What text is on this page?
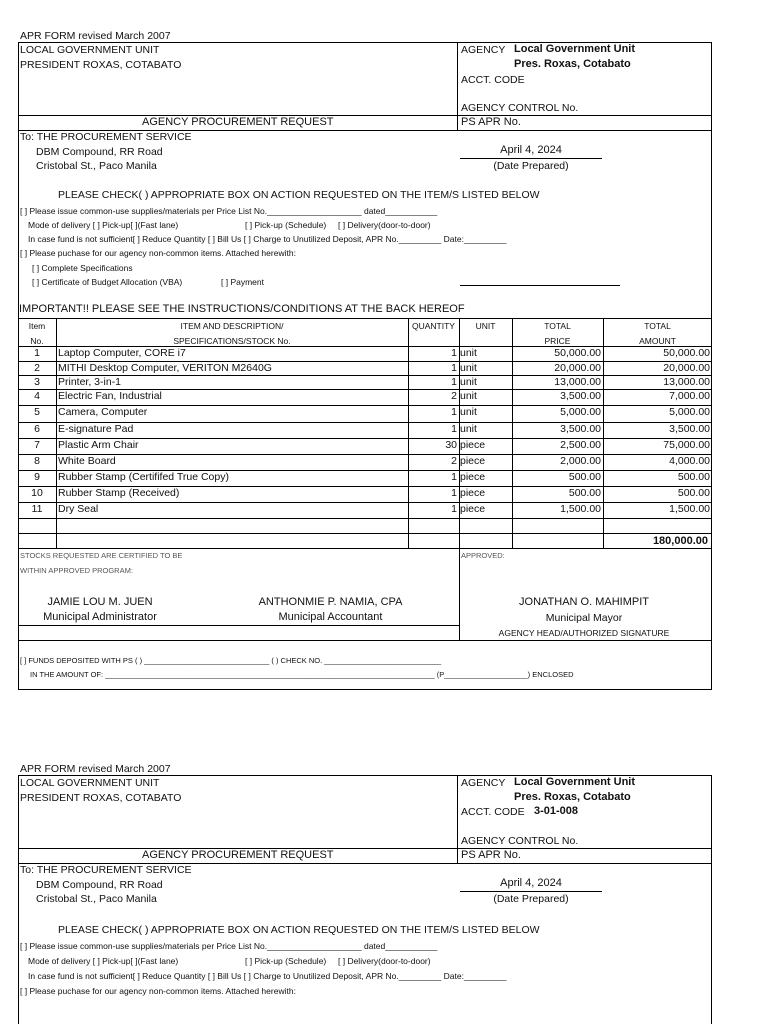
APR FORM revised March 2007
LOCAL GOVERNMENT UNIT
PRESIDENT ROXAS, COTABATO
AGENCY Local Government Unit
Pres. Roxas, Cotabato
ACCT. CODE
AGENCY CONTROL No.
AGENCY PROCUREMENT REQUEST	PS APR No.
To: THE PROCUREMENT SERVICE
DBM Compound, RR Road
Cristobal St., Paco Manila
April 4, 2024
(Date Prepared)
PLEASE CHECK( ) APPROPRIATE BOX ON ACTION REQUESTED ON THE ITEM/S LISTED BELOW
[ ] Please issue common-use supplies/materials per Price List No.____________________ dated___________
Mode of delivery [ ] Pick-up[ ](Fast lane)	[ ] Pick-up (Schedule) [ ] Delivery(door-to-door)
In case fund is not sufficient[ ] Reduce Quantity [ ] Bill Us [ ] Charge to Unutilized Deposit, APR No._________ Date:_________
[ ] Please puchase for our agency non-common items. Attached herewith:
[ ] Complete Specifications
[ ] Certificate of Budget Allocation (VBA)	[ ] Payment
IMPORTANT!! PLEASE SEE THE INSTRUCTIONS/CONDITIONS AT THE BACK HEREOF
Item
No.
ITEM AND DESCRIPTION/
SPECIFICATIONS/STOCK No.
QUANTITY	UNIT	TOTAL
PRICE
TOTAL
AMOUNT
1	Laptop Computer, CORE i7	1 unit	50,000.00	50,000.00
2	MITHI Desktop Computer, VERITON M2640G	1 unit	20,000.00	20,000.00
3	Printer, 3-in-1	1 unit	13,000.00	13,000.00
4	Electric Fan, Industrial	2 unit	3,500.00	7,000.00
5	Camera, Computer	1 unit	5,000.00	5,000.00
6	E-signature Pad	1 unit	3,500.00	3,500.00
7	Plastic Arm Chair	30 piece	2,500.00	75,000.00
8	White Board	2 piece	2,000.00	4,000.00
9	Rubber Stamp (Certififed True Copy)	1 piece	500.00	500.00
10	Rubber Stamp (Received)	1 piece	500.00	500.00
11	Dry Seal	1 piece	1,500.00	1,500.00
180,000.00
STOCKS REQUESTED ARE CERTIFIED TO BE
WITHIN APPROVED PROGRAM:
APPROVED:
JAMIE LOU M. JUEN
Municipal Administrator
ANTHONMIE P. NAMIA, CPA
Municipal Accountant
JONATHAN O. MAHIMPIT
Municipal Mayor
AGENCY HEAD/AUTHORIZED SIGNATURE
[ ] FUNDS DEPOSITED WITH PS ( ) ______________________________ ( ) CHECK NO. ____________________________
IN THE AMOUNT OF: _______________________________________________________________________________ (P____________________) ENCLOSED
APR FORM revised March 2007
LOCAL GOVERNMENT UNIT
PRESIDENT ROXAS, COTABATO
AGENCY Local Government Unit
Pres. Roxas, Cotabato
ACCT. CODE 3-01-008
AGENCY CONTROL No.
AGENCY PROCUREMENT REQUEST	PS APR No.
To: THE PROCUREMENT SERVICE
DBM Compound, RR Road
Cristobal St., Paco Manila
April 4, 2024
(Date Prepared)
PLEASE CHECK( ) APPROPRIATE BOX ON ACTION REQUESTED ON THE ITEM/S LISTED BELOW
[ ] Please issue common-use supplies/materials per Price List No.____________________ dated___________
Mode of delivery [ ] Pick-up[ ](Fast lane)	[ ] Pick-up (Schedule) [ ] Delivery(door-to-door)
In case fund is not sufficient[ ] Reduce Quantity [ ] Bill Us [ ] Charge to Unutilized Deposit, APR No._________ Date:_________
[ ] Please puchase for our agency non-common items. Attached herewith:
